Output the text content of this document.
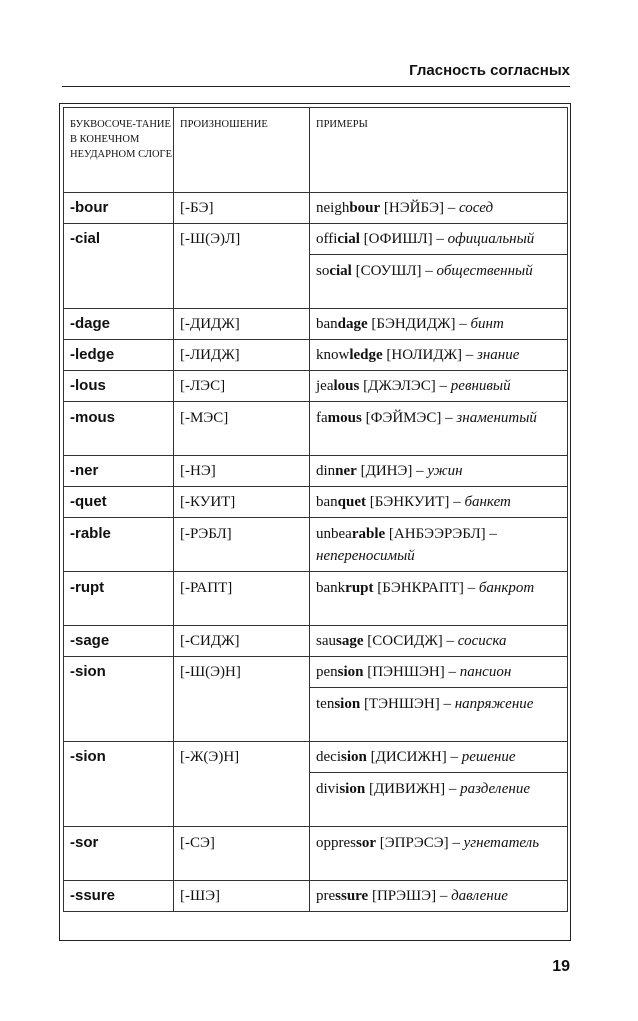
Гласность согласных
БУКВОСОЧЕ-ТАНИЕ В КОНЕЧНОМ НЕУДАРНОМ СЛОГЕ	ПРОИЗНОШЕНИЕ	ПРИМЕРЫ
-bour	[-БЭ]	neighbour [НЭЙБЭ] – сосед
-cial	[-Ш(Э)Л]	official [ОФИШЛ] – официальный
		social [СОУШЛ] – общественный
-dage	[-ДИДЖ]	bandage [БЭНДИДЖ] – бинт
-ledge	[-ЛИДЖ]	knowledge [НОЛИДЖ] – знание
-lous	[-ЛЭС]	jealous [ДЖЭЛЭС] – ревнивый
-mous	[-МЭС]	famous [ФЭЙМЭС] – знаменитый
-ner	[-НЭ]	dinner [ДИНЭ] – ужин
-quet	[-КУИТ]	banquet [БЭНКУИТ] – банкет
-rable	[-РЭБЛ]	unbearable [АНБЭЭРЭБЛ] – непереносимый
-rupt	[-РАПТ]	bankrupt [БЭНКРАПТ] – банкрот
-sage	[-СИДЖ]	sausage [СОСИДЖ] – сосиска
-sion	[-Ш(Э)Н]	pension [ПЭНШЭН] – пансион
		tension [ТЭНШЭН] – напряжение
-sion	[-Ж(Э)Н]	decision [ДИСИЖН] – решение
		division [ДИВИЖН] – разделение
-sor	[-СЭ]	oppressor [ЭПРЭСЭ] – угнетатель
-ssure	[-ШЭ]	pressure [ПРЭШЭ] – давление
19
